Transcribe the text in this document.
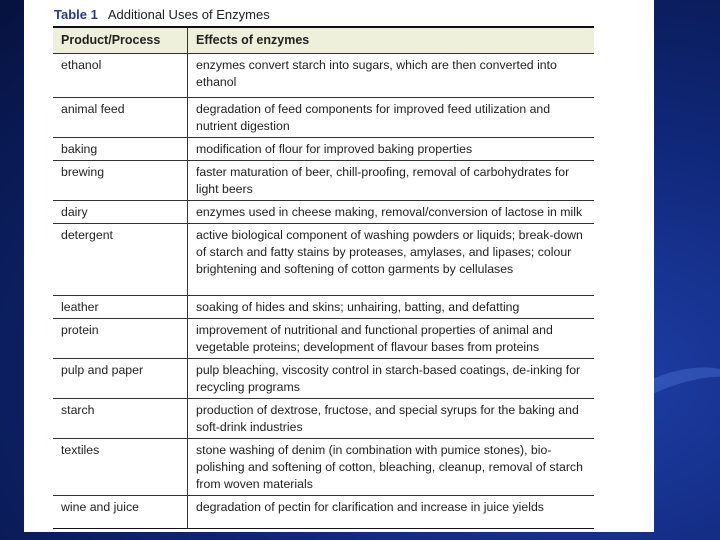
Table 1 Additional Uses of Enzymes
Product/Process	Effects of enzymes
ethanol	enzymes convert starch into sugars, which are then converted into ethanol
animal feed	degradation of feed components for improved feed utilization and nutrient digestion
baking	modification of flour for improved baking properties
brewing	faster maturation of beer, chill-proofing, removal of carbohydrates for light beers
dairy	enzymes used in cheese making, removal/conversion of lactose in milk
detergent	active biological component of washing powders or liquids; break-down of starch and fatty stains by proteases, amylases, and lipases; colour brightening and softening of cotton garments by cellulases
leather	soaking of hides and skins; unhairing, batting, and defatting
protein	improvement of nutritional and functional properties of animal and vegetable proteins; development of flavour bases from proteins
pulp and paper	pulp bleaching, viscosity control in starch-based coatings, de-inking for recycling programs
starch	production of dextrose, fructose, and special syrups for the baking and soft-drink industries
textiles	stone washing of denim (in combination with pumice stones), bio-polishing and softening of cotton, bleaching, cleanup, removal of starch from woven materials
wine and juice	degradation of pectin for clarification and increase in juice yields
